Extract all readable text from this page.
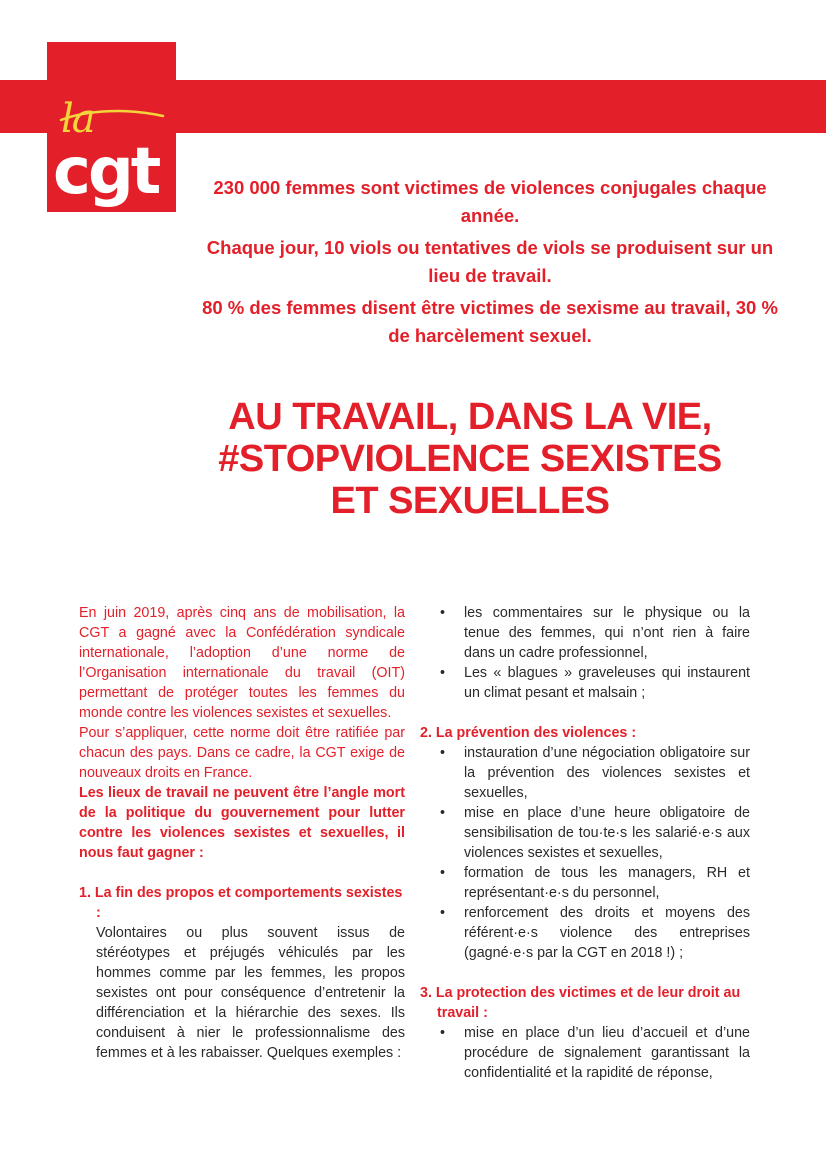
la
cgt	230 000 femmes sont victimes de violences conjugales chaque année.

Chaque jour, 10 viols ou tentatives de viols se produisent sur un lieu de travail.

80 % des femmes disent être victimes de sexisme au travail, 30 % de harcèlement sexuel.

AU TRAVAIL, DANS LA VIE,
#STOPVIOLENCE SEXISTES
ET SEXUELLES

En juin 2019, après cinq ans de mobilisation, la CGT a gagné avec la Confédération syndicale internationale, l’adoption d’une norme de l’Organisation internationale du travail (OIT) permettant de protéger toutes les femmes du monde contre les violences sexistes et sexuelles.

Pour s’appliquer, cette norme doit être ratifiée par chacun des pays. Dans ce cadre, la CGT exige de nouveaux droits en France.

Les lieux de travail ne peuvent être l’angle mort de la politique du gouvernement pour lutter contre les violences sexistes et sexuelles, il nous faut gagner :

1. La fin des propos et comportements sexistes :

Volontaires ou plus souvent issus de stéréotypes et préjugés véhiculés par les hommes comme par les femmes, les propos sexistes ont pour conséquence d’entretenir la différenciation et la hiérarchie des sexes. Ils conduisent à nier le professionnalisme des femmes et à les rabaisser. Quelques exemples :

• les commentaires sur le physique ou la tenue des femmes, qui n’ont rien à faire dans un cadre professionnel,
• Les « blagues » graveleuses qui instaurent un climat pesant et malsain ;

2. La prévention des violences :

• instauration d’une négociation obligatoire sur la prévention des violences sexistes et sexuelles,
• mise en place d’une heure obligatoire de sensibilisation de tou·te·s les salarié·e·s aux violences sexistes et sexuelles,
• formation de tous les managers, RH et représentant·e·s du personnel,
• renforcement des droits et moyens des référent·e·s violence des entreprises (gagné·e·s par la CGT en 2018 !) ;

3. La protection des victimes et de leur droit au travail :

• mise en place d’un lieu d’accueil et d’une procédure de signalement garantissant la confidentialité et la rapidité de réponse,
